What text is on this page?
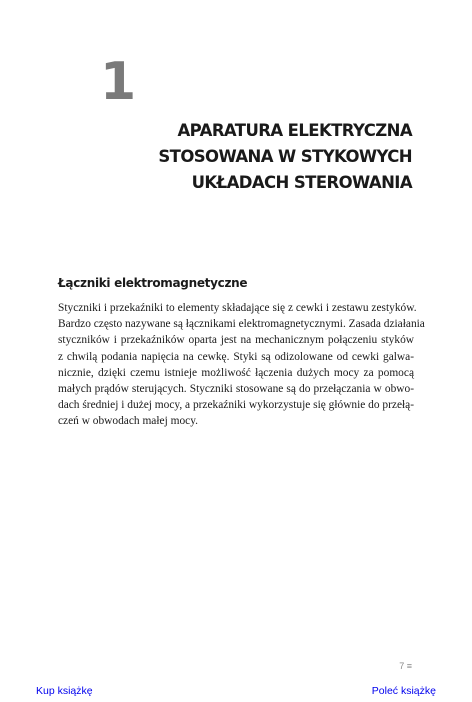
1
APARATURA ELEKTRYCZNA
STOSOWANA W STYKOWYCH
UKŁADACH STEROWANIA
Łączniki elektromagnetyczne
Styczniki i przekaźniki to elementy składające się z cewki i zestawu zestyków.
Bardzo często nazywane są łącznikami elektromagnetycznymi. Zasada działania
styczników i przekaźników oparta jest na mechanicznym połączeniu styków
z chwilą podania napięcia na cewkę. Styki są odizolowane od cewki galwa-
nicznie, dzięki czemu istnieje możliwość łączenia dużych mocy za pomocą
małych prądów sterujących. Styczniki stosowane są do przełączania w obwo-
dach średniej i dużej mocy, a przekaźniki wykorzystuje się głównie do przełą-
czeń w obwodach małej mocy.
7 ≡
Kup książkę	Poleć książkę
